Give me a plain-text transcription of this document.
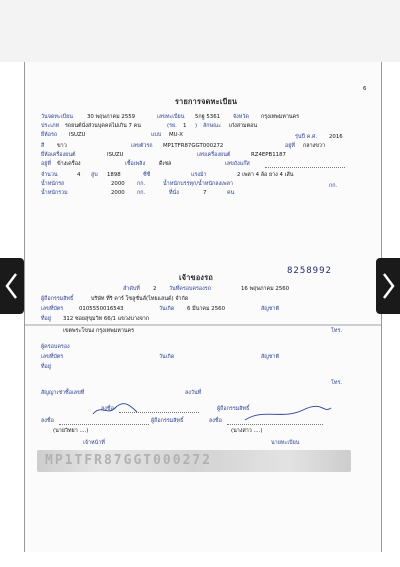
6
รายการจดทะเบียน
วันจดทะเบียน	30 พฤษภาคม 2559	เลขทะเบียน 5กฐ 5361 จังหวัด กรุงเทพมหานคร
ประเภท รถยนต์นั่งส่วนบุคคลไม่เกิน 7 คน	(รย. 1 ) ลักษณะ เก๋งสามตอน
ยี่ห้อรถ ISUZU	แบบ MU-X	รุ่นปี ค.ศ. 2016
สี ขาว	เลขตัวรถ MP1TFR87GGT000272	อยู่ที่ กลางขวา
ยี่ห้อเครื่องยนต์	ISUZU	เลขเครื่องยนต์	RZ4EPB1187
อยู่ที่ ข้างเครื่อง	เชื้อเพลิง	ดีเซล	เลขถังแก๊ส
จำนวน	4 สูบ 1898	ซีซี	แรงม้า	2 เพลา 4 ล้อ ยาง 4 เส้น
น้ำหนักรถ	2000 กก.	น้ำหนักบรรทุก/น้ำหนักลงเพลา	กก.
น้ำหนักรวม	2000 กก.	ที่นั่ง	7	คน
8258992
เจ้าของรถ
ลำดับที่ 2 วันที่ครอบครองรถ	16 พฤษภาคม 2560
ผู้ถือกรรมสิทธิ์	บริษัท ที่ริ คาร์ โซลูชั่นส์(ไทยแลนด์) จำกัด
เลขที่บัตร	0105550016543	วันเกิด 6 มีนาคม 2560	สัญชาติ
ที่อยู่ 312 ซอยสุขุมวิท 66/1 แขวงบางจาก
เขตพระโขนง กรุงเทพมหานคร	โทร.
ผู้ครอบครอง
เลขที่บัตร	วันเกิด	สัญชาติ
ที่อยู่
โทร.
สัญญาเช่าซื้อเลขที่	ลงวันที่
ลงชื่อ	ผู้ถือกรรมสิทธิ์
ลงชื่อ	ผู้ถือกรรมสิทธิ์	ลงชื่อ
(นายวิทยา ....)	(นางสาว ....)
เจ้าหน้าที่	นายทะเบียน
MP1TFR87GGT000272
